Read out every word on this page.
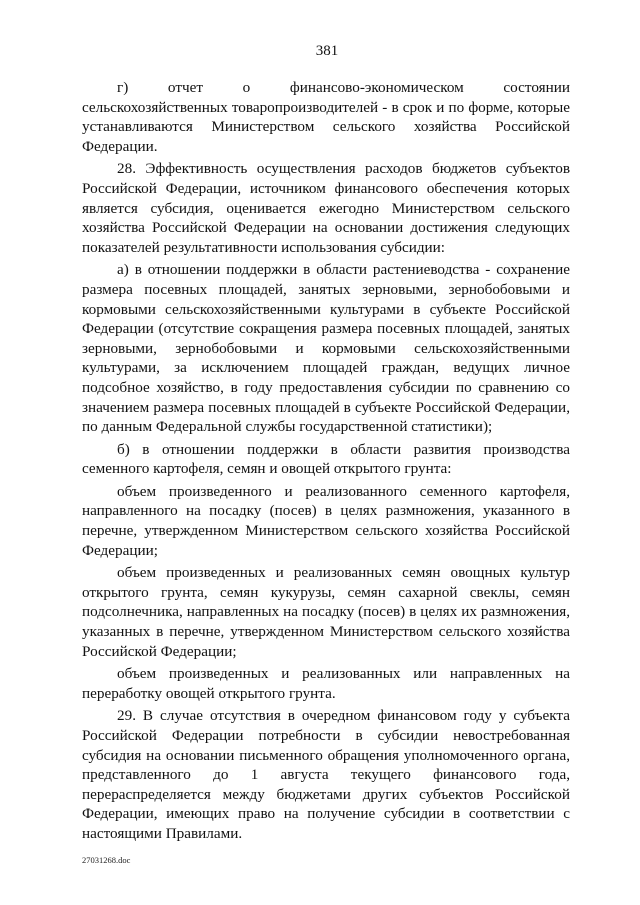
381

г) отчет о финансово-экономическом состоянии сельскохозяйственных товаропроизводителей - в срок и по форме, которые устанавливаются Министерством сельского хозяйства Российской Федерации.

28. Эффективность осуществления расходов бюджетов субъектов Российской Федерации, источником финансового обеспечения которых является субсидия, оценивается ежегодно Министерством сельского хозяйства Российской Федерации на основании достижения следующих показателей результативности использования субсидии:

а) в отношении поддержки в области растениеводства - сохранение размера посевных площадей, занятых зерновыми, зернобобовыми и кормовыми сельскохозяйственными культурами в субъекте Российской Федерации (отсутствие сокращения размера посевных площадей, занятых зерновыми, зернобобовыми и кормовыми сельскохозяйственными культурами, за исключением площадей граждан, ведущих личное подсобное хозяйство, в году предоставления субсидии по сравнению со значением размера посевных площадей в субъекте Российской Федерации, по данным Федеральной службы государственной статистики);

б) в отношении поддержки в области развития производства семенного картофеля, семян и овощей открытого грунта:

объем произведенного и реализованного семенного картофеля, направленного на посадку (посев) в целях размножения, указанного в перечне, утвержденном Министерством сельского хозяйства Российской Федерации;

объем произведенных и реализованных семян овощных культур открытого грунта, семян кукурузы, семян сахарной свеклы, семян подсолнечника, направленных на посадку (посев) в целях их размножения, указанных в перечне, утвержденном Министерством сельского хозяйства Российской Федерации;

объем произведенных и реализованных или направленных на переработку овощей открытого грунта.

29. В случае отсутствия в очередном финансовом году у субъекта Российской Федерации потребности в субсидии невостребованная субсидия на основании письменного обращения уполномоченного органа, представленного до 1 августа текущего финансового года, перераспределяется между бюджетами других субъектов Российской Федерации, имеющих право на получение субсидии в соответствии с настоящими Правилами.

27031268.doc
